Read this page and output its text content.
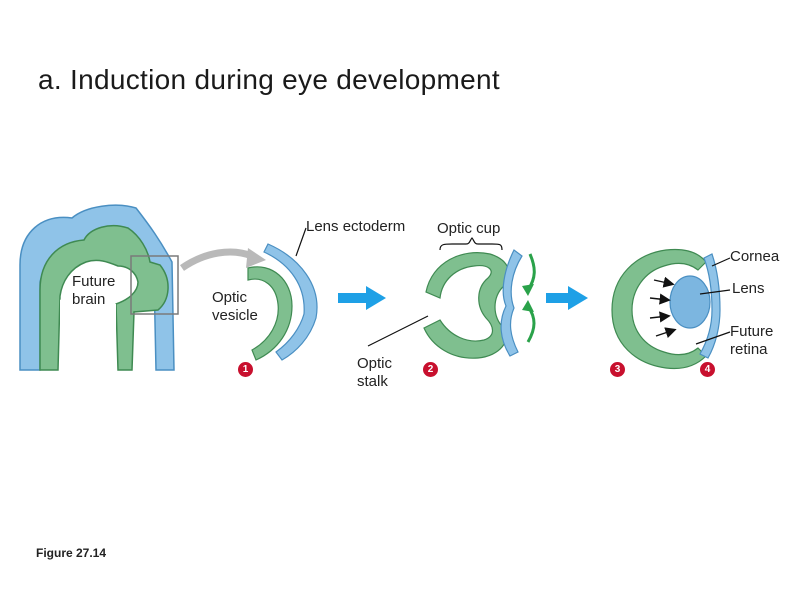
a. Induction during eye development
Future
brain	Optic
vesicle
Lens ectoderm Optic cup
Optic
stalk
Cornea
Lens
Future
retina
1	2	3	4
Figure 27.14
